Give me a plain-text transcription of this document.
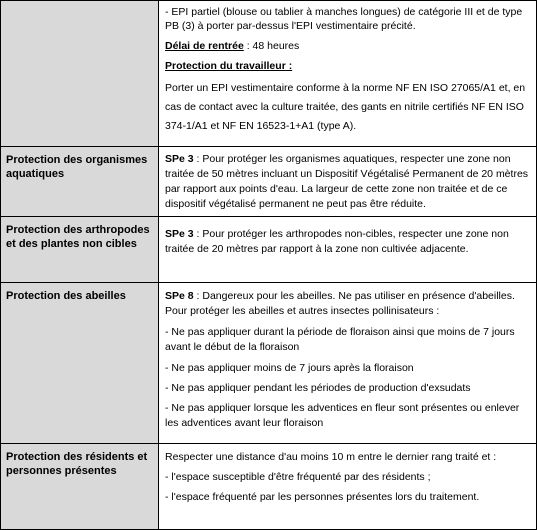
	- EPI partiel (blouse ou tablier à manches longues) de catégorie III et de type PB (3) à porter par-dessus l'EPI vestimentaire précité.

Délai de rentrée : 48 heures

Protection du travailleur :

Porter un EPI vestimentaire conforme à la norme NF EN ISO 27065/A1 et, en cas de contact avec la culture traitée, des gants en nitrile certifiés NF EN ISO 374-1/A1 et NF EN 16523-1+A1 (type A).

Protection des organismes aquatiques	SPe 3 : Pour protéger les organismes aquatiques, respecter une zone non traitée de 50 mètres incluant un Dispositif Végétalisé Permanent de 20 mètres par rapport aux points d'eau. La largeur de cette zone non traitée et de ce dispositif végétalisé permanent ne peut pas être réduite.

Protection des arthropodes et des plantes non cibles	SPe 3 : Pour protéger les arthropodes non-cibles, respecter une zone non traitée de 20 mètres par rapport à la zone non cultivée adjacente.

Protection des abeilles	SPe 8 : Dangereux pour les abeilles. Ne pas utiliser en présence d'abeilles. Pour protéger les abeilles et autres insectes pollinisateurs :

- Ne pas appliquer durant la période de floraison ainsi que moins de 7 jours avant le début de la floraison

- Ne pas appliquer moins de 7 jours après la floraison

- Ne pas appliquer pendant les périodes de production d'exsudats

- Ne pas appliquer lorsque les adventices en fleur sont présentes ou enlever les adventices avant leur floraison

Protection des résidents et personnes présentes	Respecter une distance d'au moins 10 m entre le dernier rang traité et :

- l'espace susceptible d'être fréquenté par des résidents ;

- l'espace fréquenté par les personnes présentes lors du traitement.
